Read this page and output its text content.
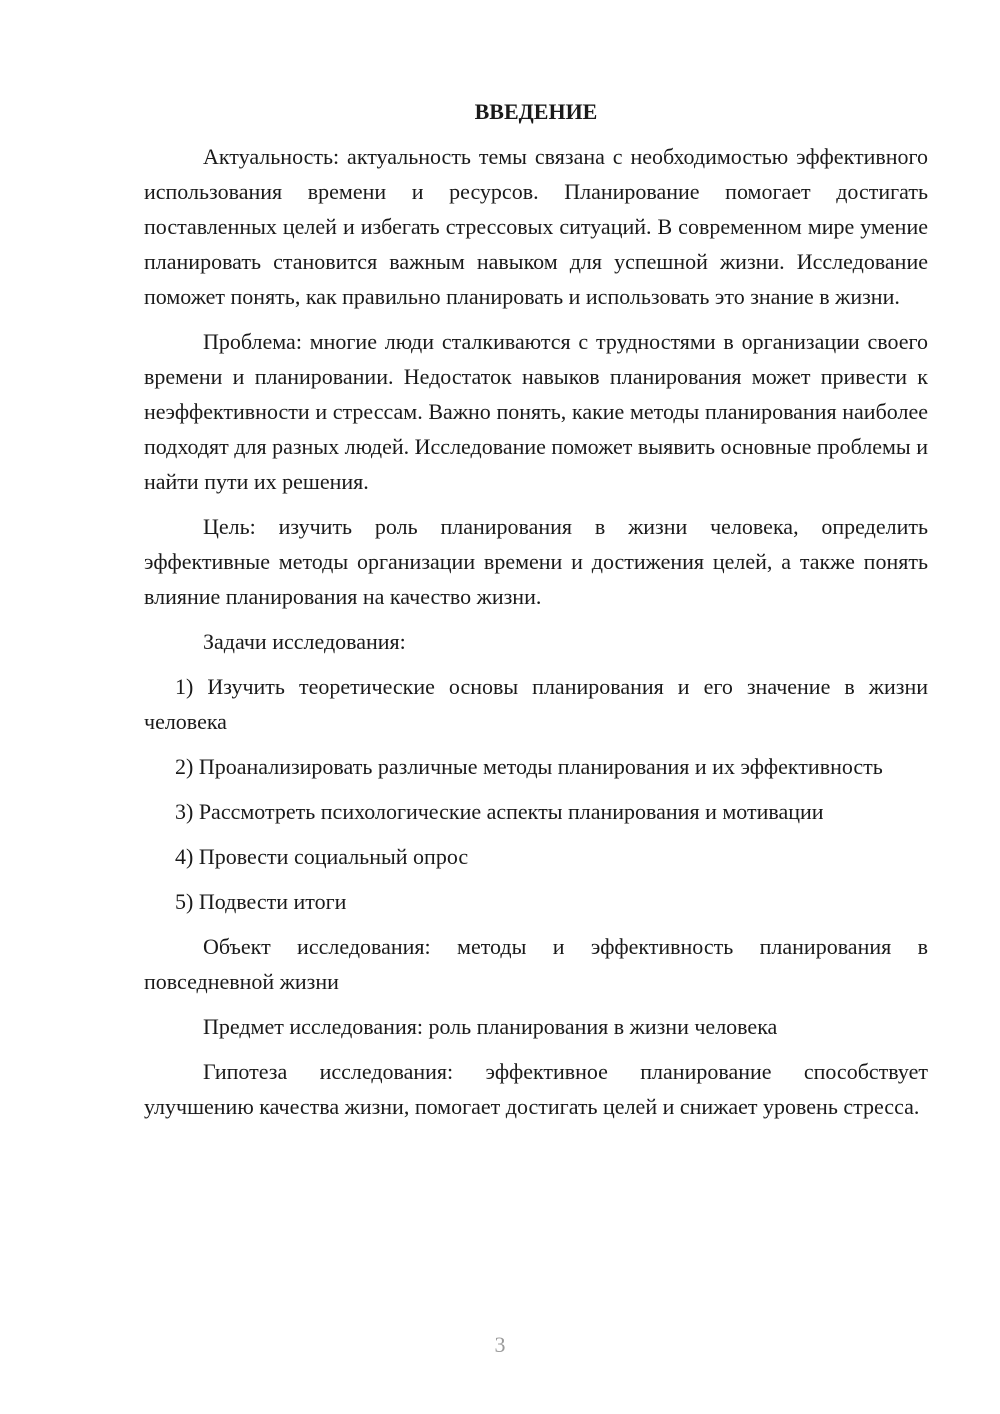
ВВЕДЕНИЕ

Актуальность: актуальность темы связана с необходимостью эффективного использования времени и ресурсов. Планирование помогает достигать поставленных целей и избегать стрессовых ситуаций. В современном мире умение планировать становится важным навыком для успешной жизни. Исследование поможет понять, как правильно планировать и использовать это знание в жизни.

Проблема: многие люди сталкиваются с трудностями в организации своего времени и планировании. Недостаток навыков планирования может привести к неэффективности и стрессам. Важно понять, какие методы планирования наиболее подходят для разных людей. Исследование поможет выявить основные проблемы и найти пути их решения.

Цель: изучить роль планирования в жизни человека, определить эффективные методы организации времени и достижения целей, а также понять влияние планирования на качество жизни.

Задачи исследования:

1) Изучить теоретические основы планирования и его значение в жизни человека

2) Проанализировать различные методы планирования и их эффективность

3) Рассмотреть психологические аспекты планирования и мотивации

4) Провести социальный опрос

5) Подвести итоги

Объект исследования: методы и эффективность планирования в повседневной жизни

Предмет исследования: роль планирования в жизни человека

Гипотеза исследования: эффективное планирование способствует улучшению качества жизни, помогает достигать целей и снижает уровень стресса.

3
